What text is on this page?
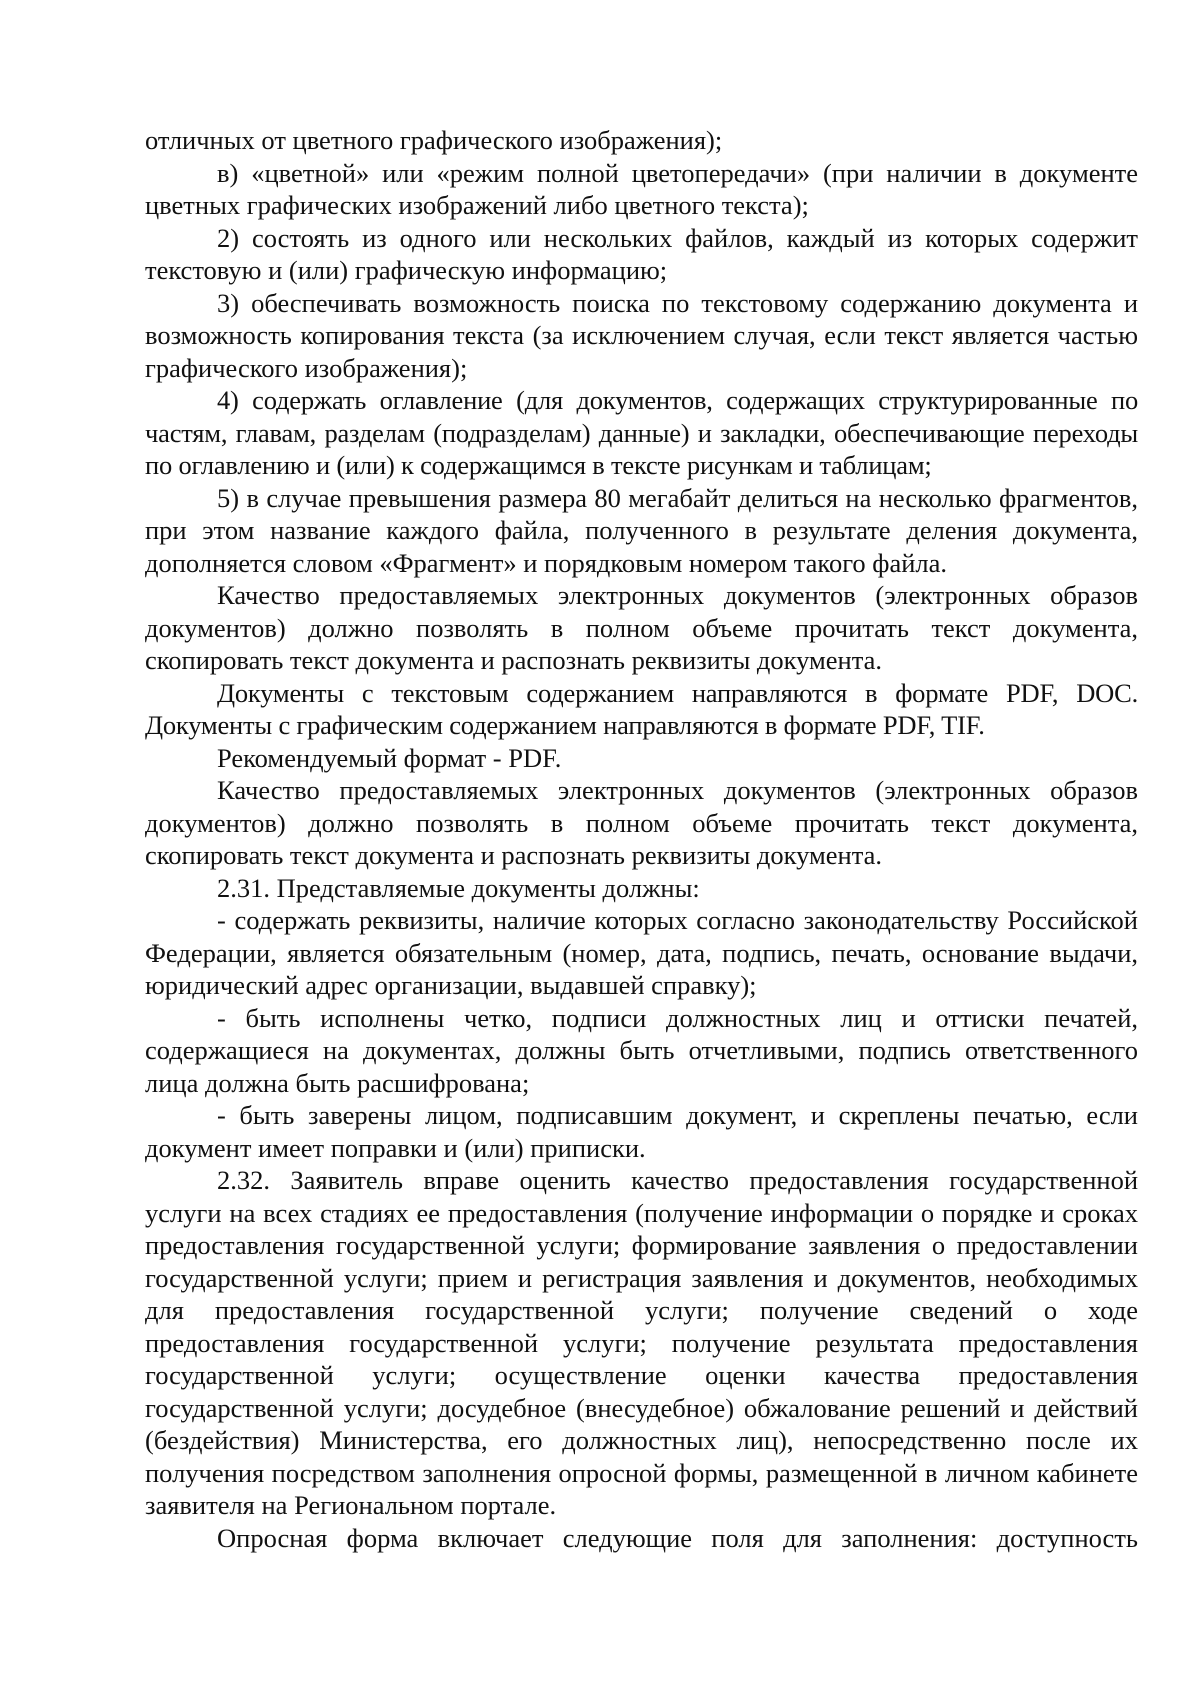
отличных от цветного графического изображения);

в) «цветной» или «режим полной цветопередачи» (при наличии в документе цветных графических изображений либо цветного текста);

2) состоять из одного или нескольких файлов, каждый из которых содержит текстовую и (или) графическую информацию;

3) обеспечивать возможность поиска по текстовому содержанию документа и возможность копирования текста (за исключением случая, если текст является частью графического изображения);

4) содержать оглавление (для документов, содержащих структурированные по частям, главам, разделам (подразделам) данные) и закладки, обеспечивающие переходы по оглавлению и (или) к содержащимся в тексте рисункам и таблицам;

5) в случае превышения размера 80 мегабайт делиться на несколько фрагментов, при этом название каждого файла, полученного в результате деления документа, дополняется словом «Фрагмент» и порядковым номером такого файла.

Качество предоставляемых электронных документов (электронных образов документов) должно позволять в полном объеме прочитать текст документа, скопировать текст документа и распознать реквизиты документа.

Документы с текстовым содержанием направляются в формате PDF, DOC. Документы с графическим содержанием направляются в формате PDF, TIF.

Рекомендуемый формат - PDF.

Качество предоставляемых электронных документов (электронных образов документов) должно позволять в полном объеме прочитать текст документа, скопировать текст документа и распознать реквизиты документа.

2.31. Представляемые документы должны:

- содержать реквизиты, наличие которых согласно законодательству Российской Федерации, является обязательным (номер, дата, подпись, печать, основание выдачи, юридический адрес организации, выдавшей справку);

- быть исполнены четко, подписи должностных лиц и оттиски печатей, содержащиеся на документах, должны быть отчетливыми, подпись ответственного лица должна быть расшифрована;

- быть заверены лицом, подписавшим документ, и скреплены печатью, если документ имеет поправки и (или) приписки.

2.32. Заявитель вправе оценить качество предоставления государственной услуги на всех стадиях ее предоставления (получение информации о порядке и сроках предоставления государственной услуги; формирование заявления о предоставлении государственной услуги; прием и регистрация заявления и документов, необходимых для предоставления государственной услуги; получение сведений о ходе предоставления государственной услуги; получение результата предоставления государственной услуги; осуществление оценки качества предоставления государственной услуги; досудебное (внесудебное) обжалование решений и действий (бездействия) Министерства, его должностных лиц), непосредственно после их получения посредством заполнения опросной формы, размещенной в личном кабинете заявителя на Региональном портале.

Опросная форма включает следующие поля для заполнения: доступность
